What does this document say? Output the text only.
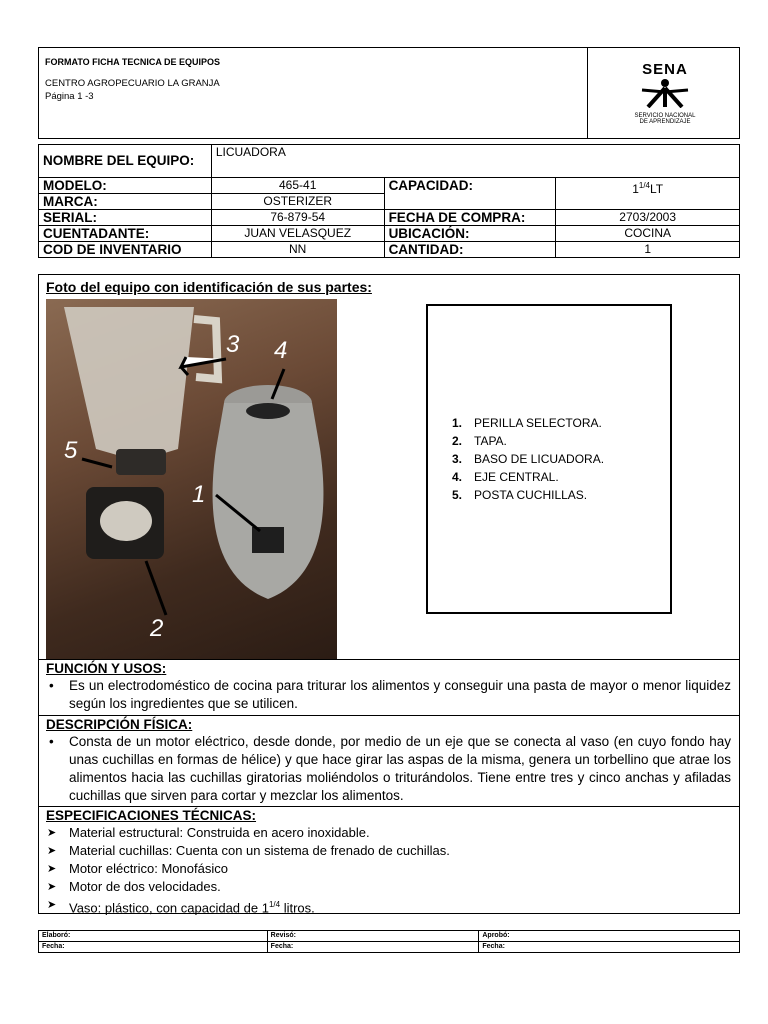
FORMATO FICHA TECNICA DE EQUIPOS
CENTRO AGROPECUARIO LA GRANJA
Página 1 -3
SENA
SERVICIO NACIONAL
DE APRENDIZAJE
NOMBRE DEL EQUIPO:	LICUADORA		
MODELO:	465-41	CAPACIDAD:	$1^{1/4}LT$
MARCA:	OSTERIZER		
SERIAL:	76-879-54	FECHA DE COMPRA:	2703/2003
CUENTADANTE:	JUAN VELASQUEZ	UBICACIÓN:	COCINA
COD DE INVENTARIO	NN	CANTIDAD:	1
Foto del equipo con identificación de sus partes:
3 4
5
1
2
1. PERILLA SELECTORA.
2. TAPA.
3. BASO DE LICUADORA.
4. EJE CENTRAL.
5. POSTA CUCHILLAS.
FUNCIÓN Y USOS:
• Es un electrodoméstico de cocina para triturar los alimentos y conseguir una pasta de mayor o menor liquidez según los ingredientes que se utilicen.
DESCRIPCIÓN FÍSICA:
• Consta de un motor eléctrico, desde donde, por medio de un eje que se conecta al vaso (en cuyo fondo hay unas cuchillas en formas de hélice) y que hace girar las aspas de la misma, genera un torbellino que atrae los alimentos hacia las cuchillas giratorias moliéndolos o triturándolos. Tiene entre tres y cinco anchas y afiladas cuchillas que sirven para cortar y mezclar los alimentos.
ESPECIFICACIONES TÉCNICAS:
➤ Material estructural: Construida en acero inoxidable.
➤ Material cuchillas: Cuenta con un sistema de frenado de cuchillas.
➤ Motor eléctrico: Monofásico
➤ Motor de dos velocidades.
➤ Vaso: plástico, con capacidad de $1^{1/4}$ litros.
Elaboró:	Revisó:	Aprobó:
Fecha:	Fecha:	Fecha:
